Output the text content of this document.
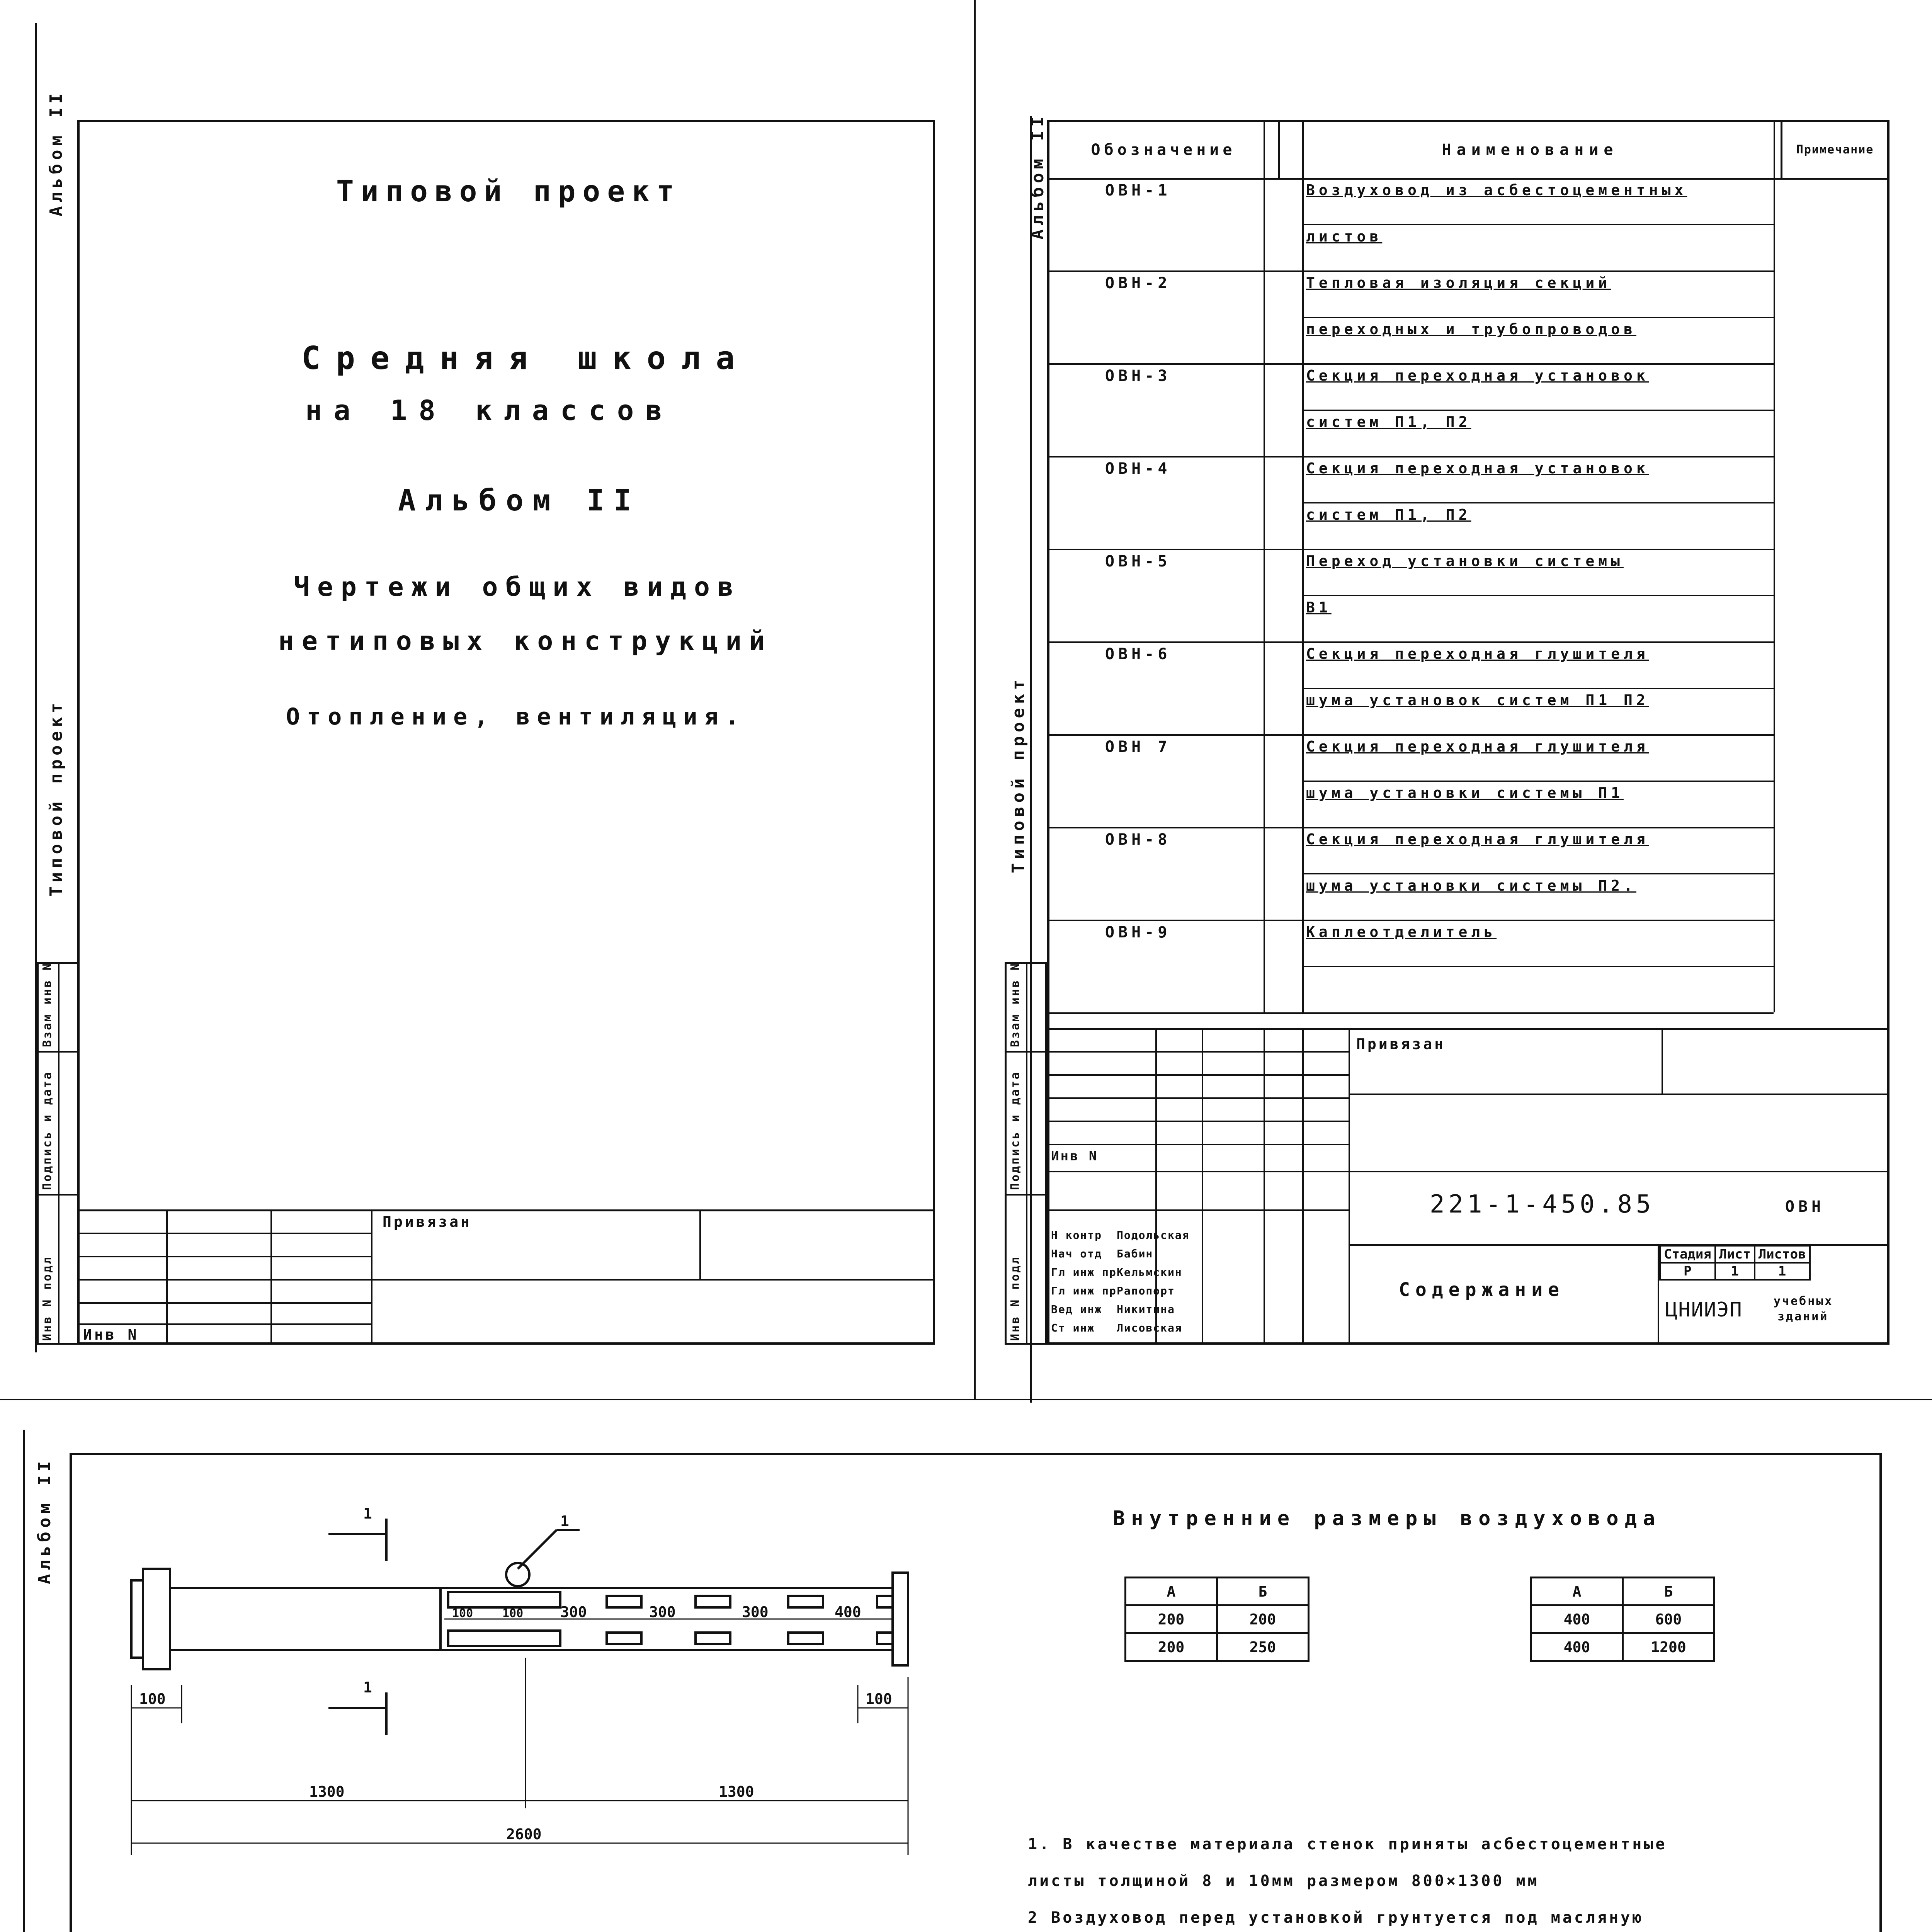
Альбом II
Типовой проект
Инв N подл
Подпись и дата
Взам инв N
Типовой проект
Средняя школа
на 18 классов
Альбом II
Чертежи общих видов
нетиповых конструкций
Отопление, вентиляция.
Привязан
Инв N
Альбом II
Типовой проект
Инв N подл
Подпись и дата
Взам инв N
Обозначение	Наименование	Примечание
ОВН-1	Воздуховод из асбестоцементных
листов
ОВН-2	Тепловая изоляция секций
переходных и трубопроводов
ОВН-3	Секция переходная установок
систем П1, П2
ОВН-4	Секция переходная установок
систем П1, П2
ОВН-5	Переход установки системы
В1
ОВН-6	Секция переходная глушителя
шума установок систем П1 П2
ОВН 7	Секция переходная глушителя
шума установки системы П1
ОВН-8	Секция переходная глушителя
шума установки системы П2.
ОВН-9	Каплеотделитель
Привязан
Инв N
221-1-450.85	ОВН
Содержание
Стадия	Лист	Листов
Р	1	1
ЦНИИЭП	учебных
зданий
Н контр Подольская
Нач отд Бабин
Гл инж пр Кельмскин
Гл инж пр Рапопорт
Вед инж Никитина
Ст инж Лисовская
Альбом II	1
1
1
100	100	300	300	300	400
100	100
1300	1300
2600
Внутренние размеры воздуховода
А	Б
200	200
200	250
А	Б
400	600
400	1200
1. В качестве материала стенок приняты асбестоцементные
листы толщиной 8 и 10мм размером 800×1300 мм
2 Воздуховод перед установкой грунтуется под масляную
